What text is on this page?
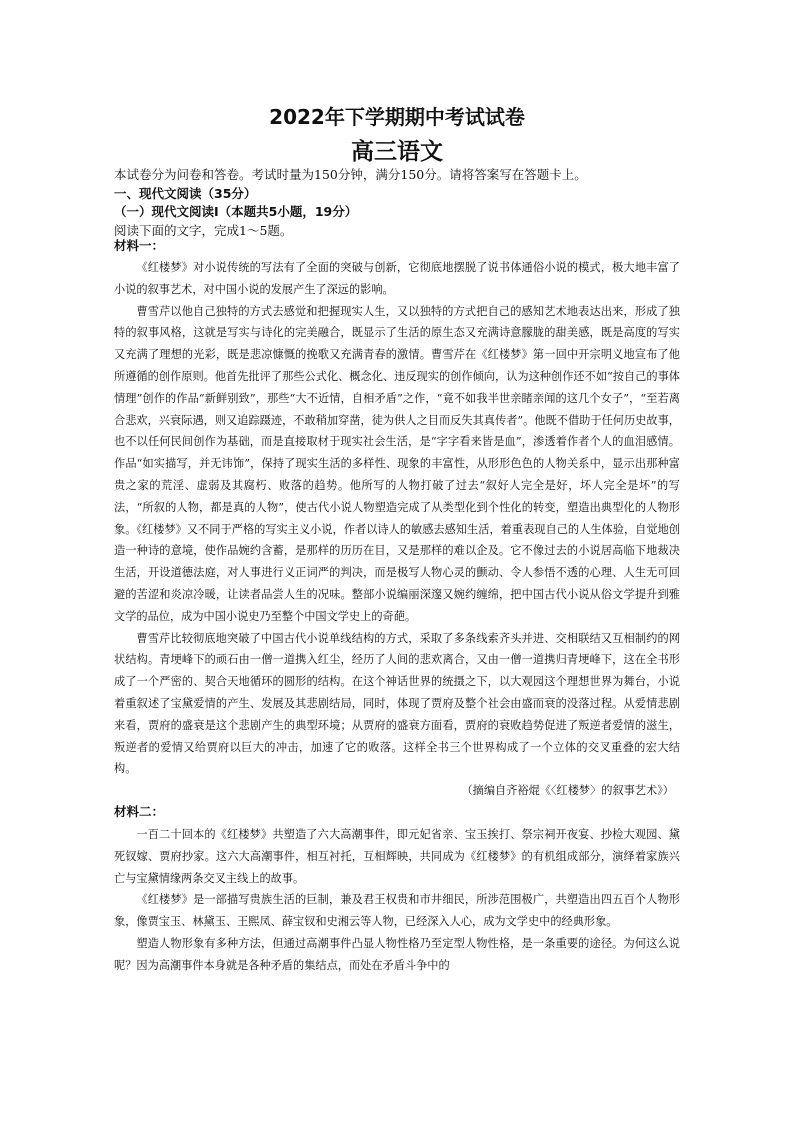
2022年下学期期中考试试卷
高三语文
本试卷分为问卷和答卷。考试时量为150分钟，满分150分。请将答案写在答题卡上。
一、现代文阅读（35分）
（一）现代文阅读Ⅰ（本题共5小题，19分）
阅读下面的文字，完成1～5题。
材料一：

《红楼梦》对小说传统的写法有了全面的突破与创新，它彻底地摆脱了说书体通俗小说的模式，极大地丰富了小说的叙事艺术，对中国小说的发展产生了深远的影响。

曹雪芹以他自己独特的方式去感觉和把握现实人生，又以独特的方式把自己的感知艺术地表达出来，形成了独特的叙事风格，这就是写实与诗化的完美融合，既显示了生活的原生态又充满诗意朦胧的甜美感，既是高度的写实又充满了理想的光彩，既是悲凉慷慨的挽歌又充满青春的激情。曹雪芹在《红楼梦》第一回中开宗明义地宣布了他所遵循的创作原则。他首先批评了那些公式化、概念化、违反现实的创作倾向，认为这种创作还不如“按自己的事体情理”创作的作品“新鲜别致”，那些“大不近情，自相矛盾”之作，“竟不如我半世亲睹亲闻的这几个女子”，“至若离合悲欢，兴衰际遇，则又追踪蹑迹，不敢稍加穿凿，徒为供人之目而反失其真传者”。他既不借助于任何历史故事，也不以任何民间创作为基础，而是直接取材于现实社会生活，是“字字看来皆是血”，渗透着作者个人的血泪感情。作品“如实描写，并无讳饰”，保持了现实生活的多样性、现象的丰富性，从形形色色的人物关系中，显示出那种富贵之家的荒淫、虚弱及其腐朽、败落的趋势。他所写的人物打破了过去“叙好人完全是好，坏人完全是坏”的写法，“所叙的人物，都是真的人物”，使古代小说人物塑造完成了从类型化到个性化的转变，塑造出典型化的人物形象。《红楼梦》又不同于严格的写实主义小说，作者以诗人的敏感去感知生活，着重表现自己的人生体验，自觉地创造一种诗的意境，使作品婉约含蓄，是那样的历历在目，又是那样的难以企及。它不像过去的小说居高临下地裁决生活，开设道德法庭，对人事进行义正词严的判决，而是极写人物心灵的颤动、令人参悟不透的心理、人生无可回避的苦涩和炎凉冷暖，让读者品尝人生的况味。整部小说编丽深邃又婉约缠绵，把中国古代小说从俗文学提升到雅文学的品位，成为中国小说史乃至整个中国文学史上的奇葩。

曹雪芹比较彻底地突破了中国古代小说单线结构的方式，采取了多条线索齐头并进、交相联结又互相制约的网状结构。青埂峰下的顽石由一僧一道携入红尘，经历了人间的悲欢离合，又由一僧一道携归青埂峰下，这在全书形成了一个严密的、契合天地循环的圆形的结构。在这个神话世界的统摄之下，以大观园这个理想世界为舞台，小说着重叙述了宝黛爱情的产生、发展及其悲剧结局，同时，体现了贾府及整个社会由盛而衰的没落过程。从爱情悲剧来看，贾府的盛衰是这个悲剧产生的典型环境；从贾府的盛衰方面看，贾府的衰败趋势促进了叛逆者爱情的滋生，叛逆者的爱情又给贾府以巨大的冲击，加速了它的败落。这样全书三个世界构成了一个立体的交叉重叠的宏大结构。

（摘编自齐裕焜《〈红楼梦〉的叙事艺术》）

材料二：

一百二十回本的《红楼梦》共塑造了六大高潮事件，即元妃省亲、宝玉挨打、祭宗祠开夜宴、抄检大观园、黛死钗嫁、贾府抄家。这六大高潮事件，相互衬托，互相辉映，共同成为《红楼梦》的有机组成部分，演绎着家族兴亡与宝黛情缘两条交叉主线上的故事。

《红楼梦》是一部描写贵族生活的巨制，兼及君王权贵和市井细民，所涉范围极广，共塑造出四五百个人物形象，像贾宝玉、林黛玉、王熙凤、薛宝钗和史湘云等人物，已经深入人心，成为文学史中的经典形象。

塑造人物形象有多种方法，但通过高潮事件凸显人物性格乃至定型人物性格，是一条重要的途径。为何这么说呢？因为高潮事件本身就是各种矛盾的集结点，而处在矛盾斗争中的
